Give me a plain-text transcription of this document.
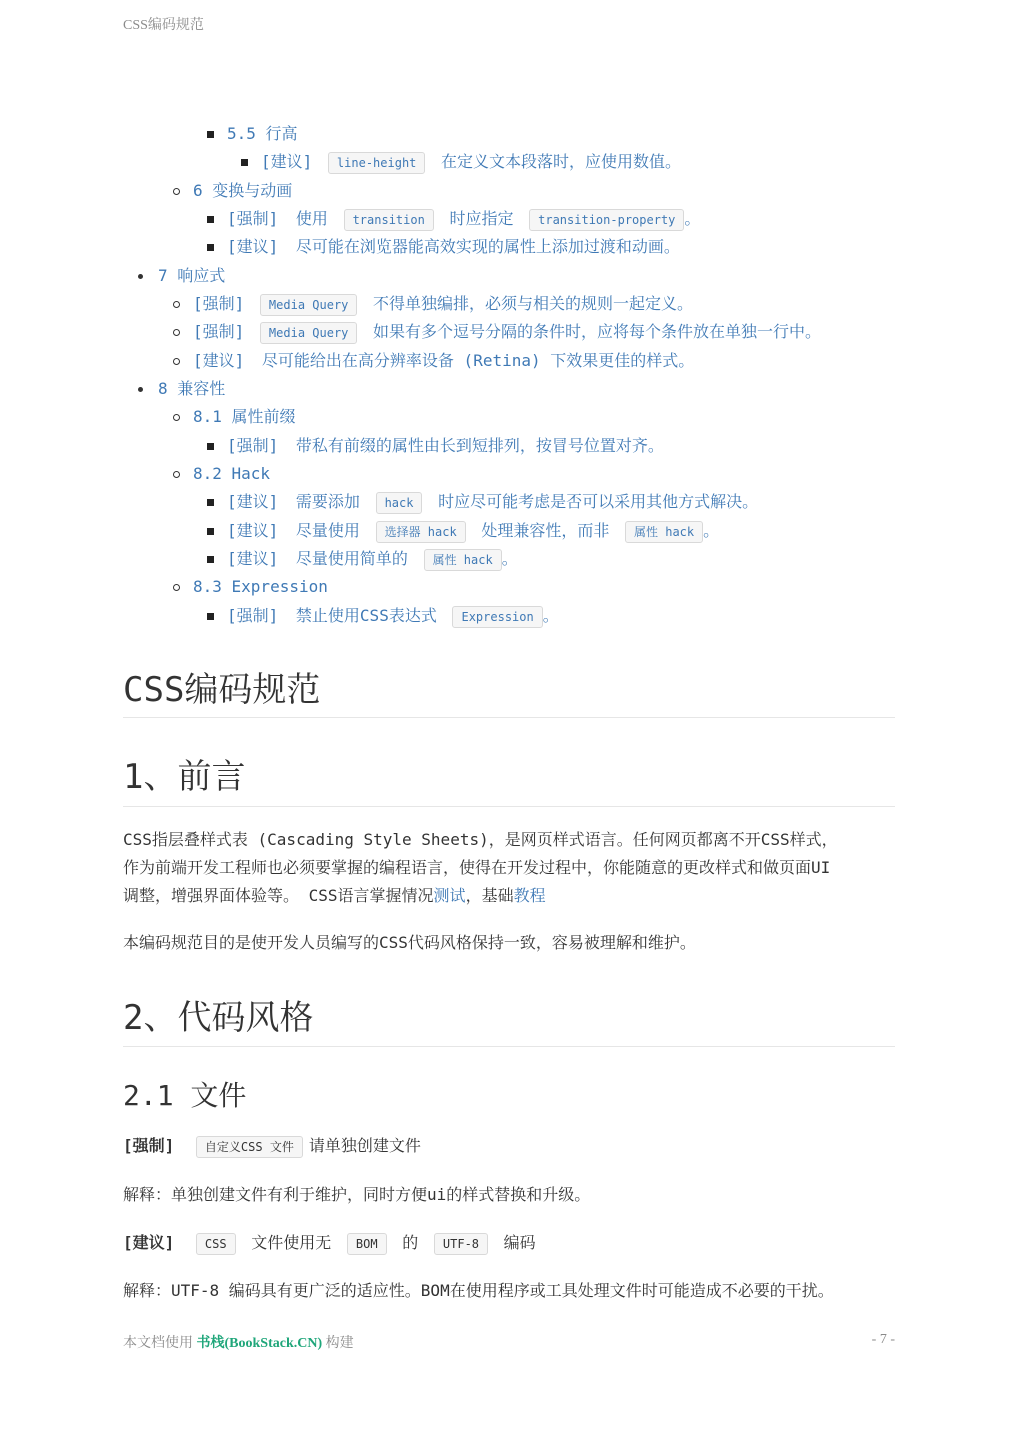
CSS编码规范
5.5 行高
[建议] line-height 在定义文本段落时，应使用数值。
6 变换与动画
[强制] 使用 transition 时应指定 transition-property 。
[建议] 尽可能在浏览器能高效实现的属性上添加过渡和动画。
7 响应式
[强制] Media Query 不得单独编排，必须与相关的规则一起定义。
[强制] Media Query 如果有多个逗号分隔的条件时，应将每个条件放在单独一行中。
[建议] 尽可能给出在高分辨率设备 (Retina) 下效果更佳的样式。
8 兼容性
8.1 属性前缀
[强制] 带私有前缀的属性由长到短排列，按冒号位置对齐。
8.2 Hack
[建议] 需要添加 hack 时应尽可能考虑是否可以采用其他方式解决。
[建议] 尽量使用 选择器 hack 处理兼容性，而非 属性 hack 。
[建议] 尽量使用简单的 属性 hack 。
8.3 Expression
[强制] 禁止使用CSS表达式 Expression 。
CSS编码规范
1、前言

CSS指层叠样式表 (Cascading Style Sheets)，是网页样式语言。任何网页都离不开CSS样式，
作为前端开发工程师也必须要掌握的编程语言，使得在开发过程中，你能随意的更改样式和做页面UI
调整，增强界面体验等。 CSS语言掌握情况测试，基础教程

本编码规范目的是使开发人员编写的CSS代码风格保持一致，容易被理解和维护。

2、代码风格
2.1 文件

[强制]	自定义CSS 文件 请单独创建文件

解释：单独创建文件有利于维护，同时方便ui的样式替换和升级。

[建议]	CSS 文件使用无 BOM 的 UTF-8 编码

解释：UTF-8 编码具有更广泛的适应性。BOM在使用程序或工具处理文件时可能造成不必要的干扰。

本文档使用 书栈(BookStack.CN) 构建	- 7 -
